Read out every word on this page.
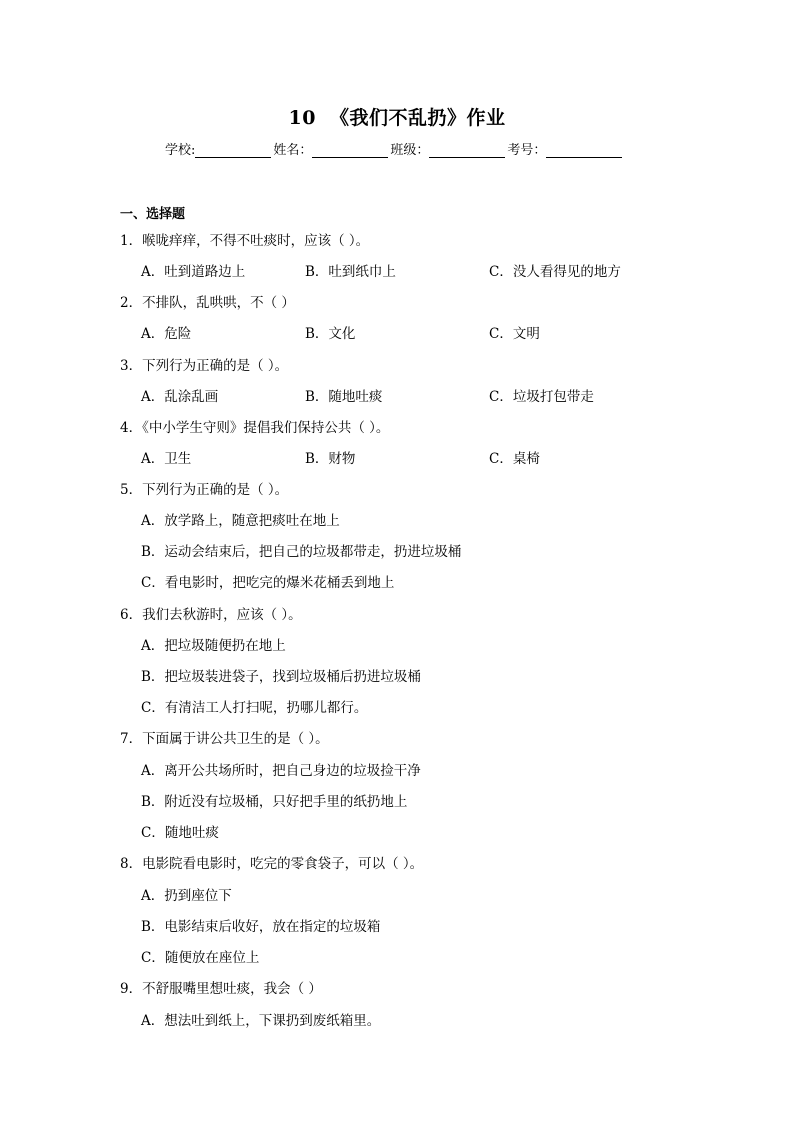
10 《我们不乱扔》作业
学校:	姓名：	班级：	考号：
一、选择题
1．喉咙痒痒，不得不吐痰时，应该（ ）。
A．吐到道路边上	B．吐到纸巾上	C．没人看得见的地方
2．不排队，乱哄哄，不（ ）
A．危险	B．文化	C．文明
3．下列行为正确的是（ ）。
A．乱涂乱画	B．随地吐痰	C．垃圾打包带走
4．《中小学生守则》提倡我们保持公共（ ）。
A．卫生	B．财物	C．桌椅
5．下列行为正确的是（ ）。
A．放学路上，随意把痰吐在地上
B．运动会结束后，把自己的垃圾都带走，扔进垃圾桶
C．看电影时，把吃完的爆米花桶丢到地上
6．我们去秋游时，应该（ ）。
A．把垃圾随便扔在地上
B．把垃圾装进袋子，找到垃圾桶后扔进垃圾桶
C．有清洁工人打扫呢，扔哪儿都行。
7．下面属于讲公共卫生的是（ ）。
A．离开公共场所时，把自己身边的垃圾捡干净
B．附近没有垃圾桶，只好把手里的纸扔地上
C．随地吐痰
8．电影院看电影时，吃完的零食袋子，可以（ ）。
A．扔到座位下
B．电影结束后收好，放在指定的垃圾箱
C．随便放在座位上
9．不舒服嘴里想吐痰，我会（ ）
A．想法吐到纸上，下课扔到废纸箱里。
